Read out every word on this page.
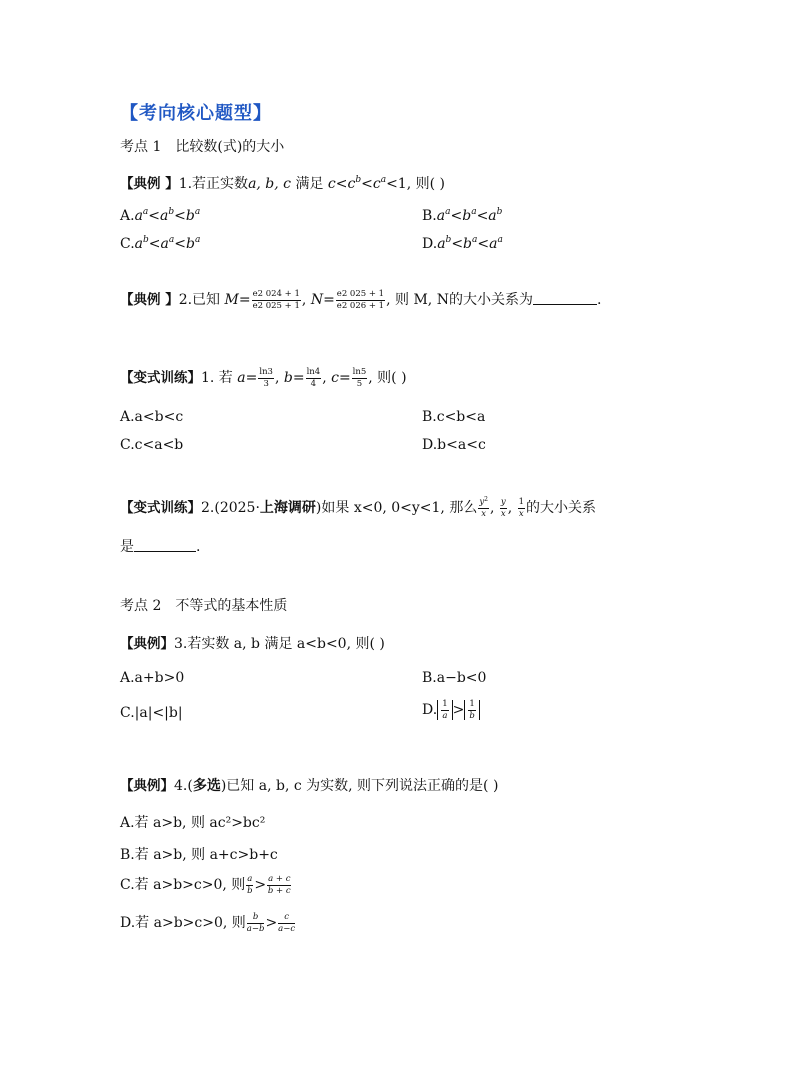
【考向核心题型】
考点 1 比较数(式)的大小
【典例 】1.若正实数a, b, c 满足 $c<c^b<c^a<1$, 则( )
$A.a^a<a^b<b^a$	$B.a^a<b^a<a^b$
$C.a^b<a^a<b^a$	$D.a^b<b^a<a^a$
【典例 】2.已知 $M= \frac{e2 024 + 1}{e2 025 + 1}$ , $N= \frac{e2 025 + 1}{e2 026 + 1}$ , 则 M, N的大小关系为	.
【变式训练】1. 若 $a= \frac{\ln 3}{3}$ , $b= \frac{\ln 4}{4}$ , $c= \frac{\ln 5}{5}$ , 则( )
A.a<b<c	B.c<b<a
C.c<a<b	D.b<a<c
【变式训练】2.(2025·上海调研)如果 x<0, 0<y<1, 那么 $\frac{y^2}{x}$ , $\frac{y}{x}$ , $\frac{1}{x}$ 的大小关系
是	.
考点 2 不等式的基本性质
【典例】3.若实数 a, b 满足 a<b<0, 则( )
A.a+b>0	B.a−b<0
C.|a|<|b|	D. $\frac{1}{a} > \frac{1}{b}$
【典例】4.(多选)已知 a, b, c 为实数, 则下列说法正确的是( )
A.若 a>b, 则 ac²>bc²
B.若 a>b, 则 a+c>b+c
C.若 a>b>c>0, 则 $\frac{a}{b} > \frac{a + c}{b + c}$
D.若 a>b>c>0, 则 $\frac{b}{a-b} > \frac{c}{a-c}$
